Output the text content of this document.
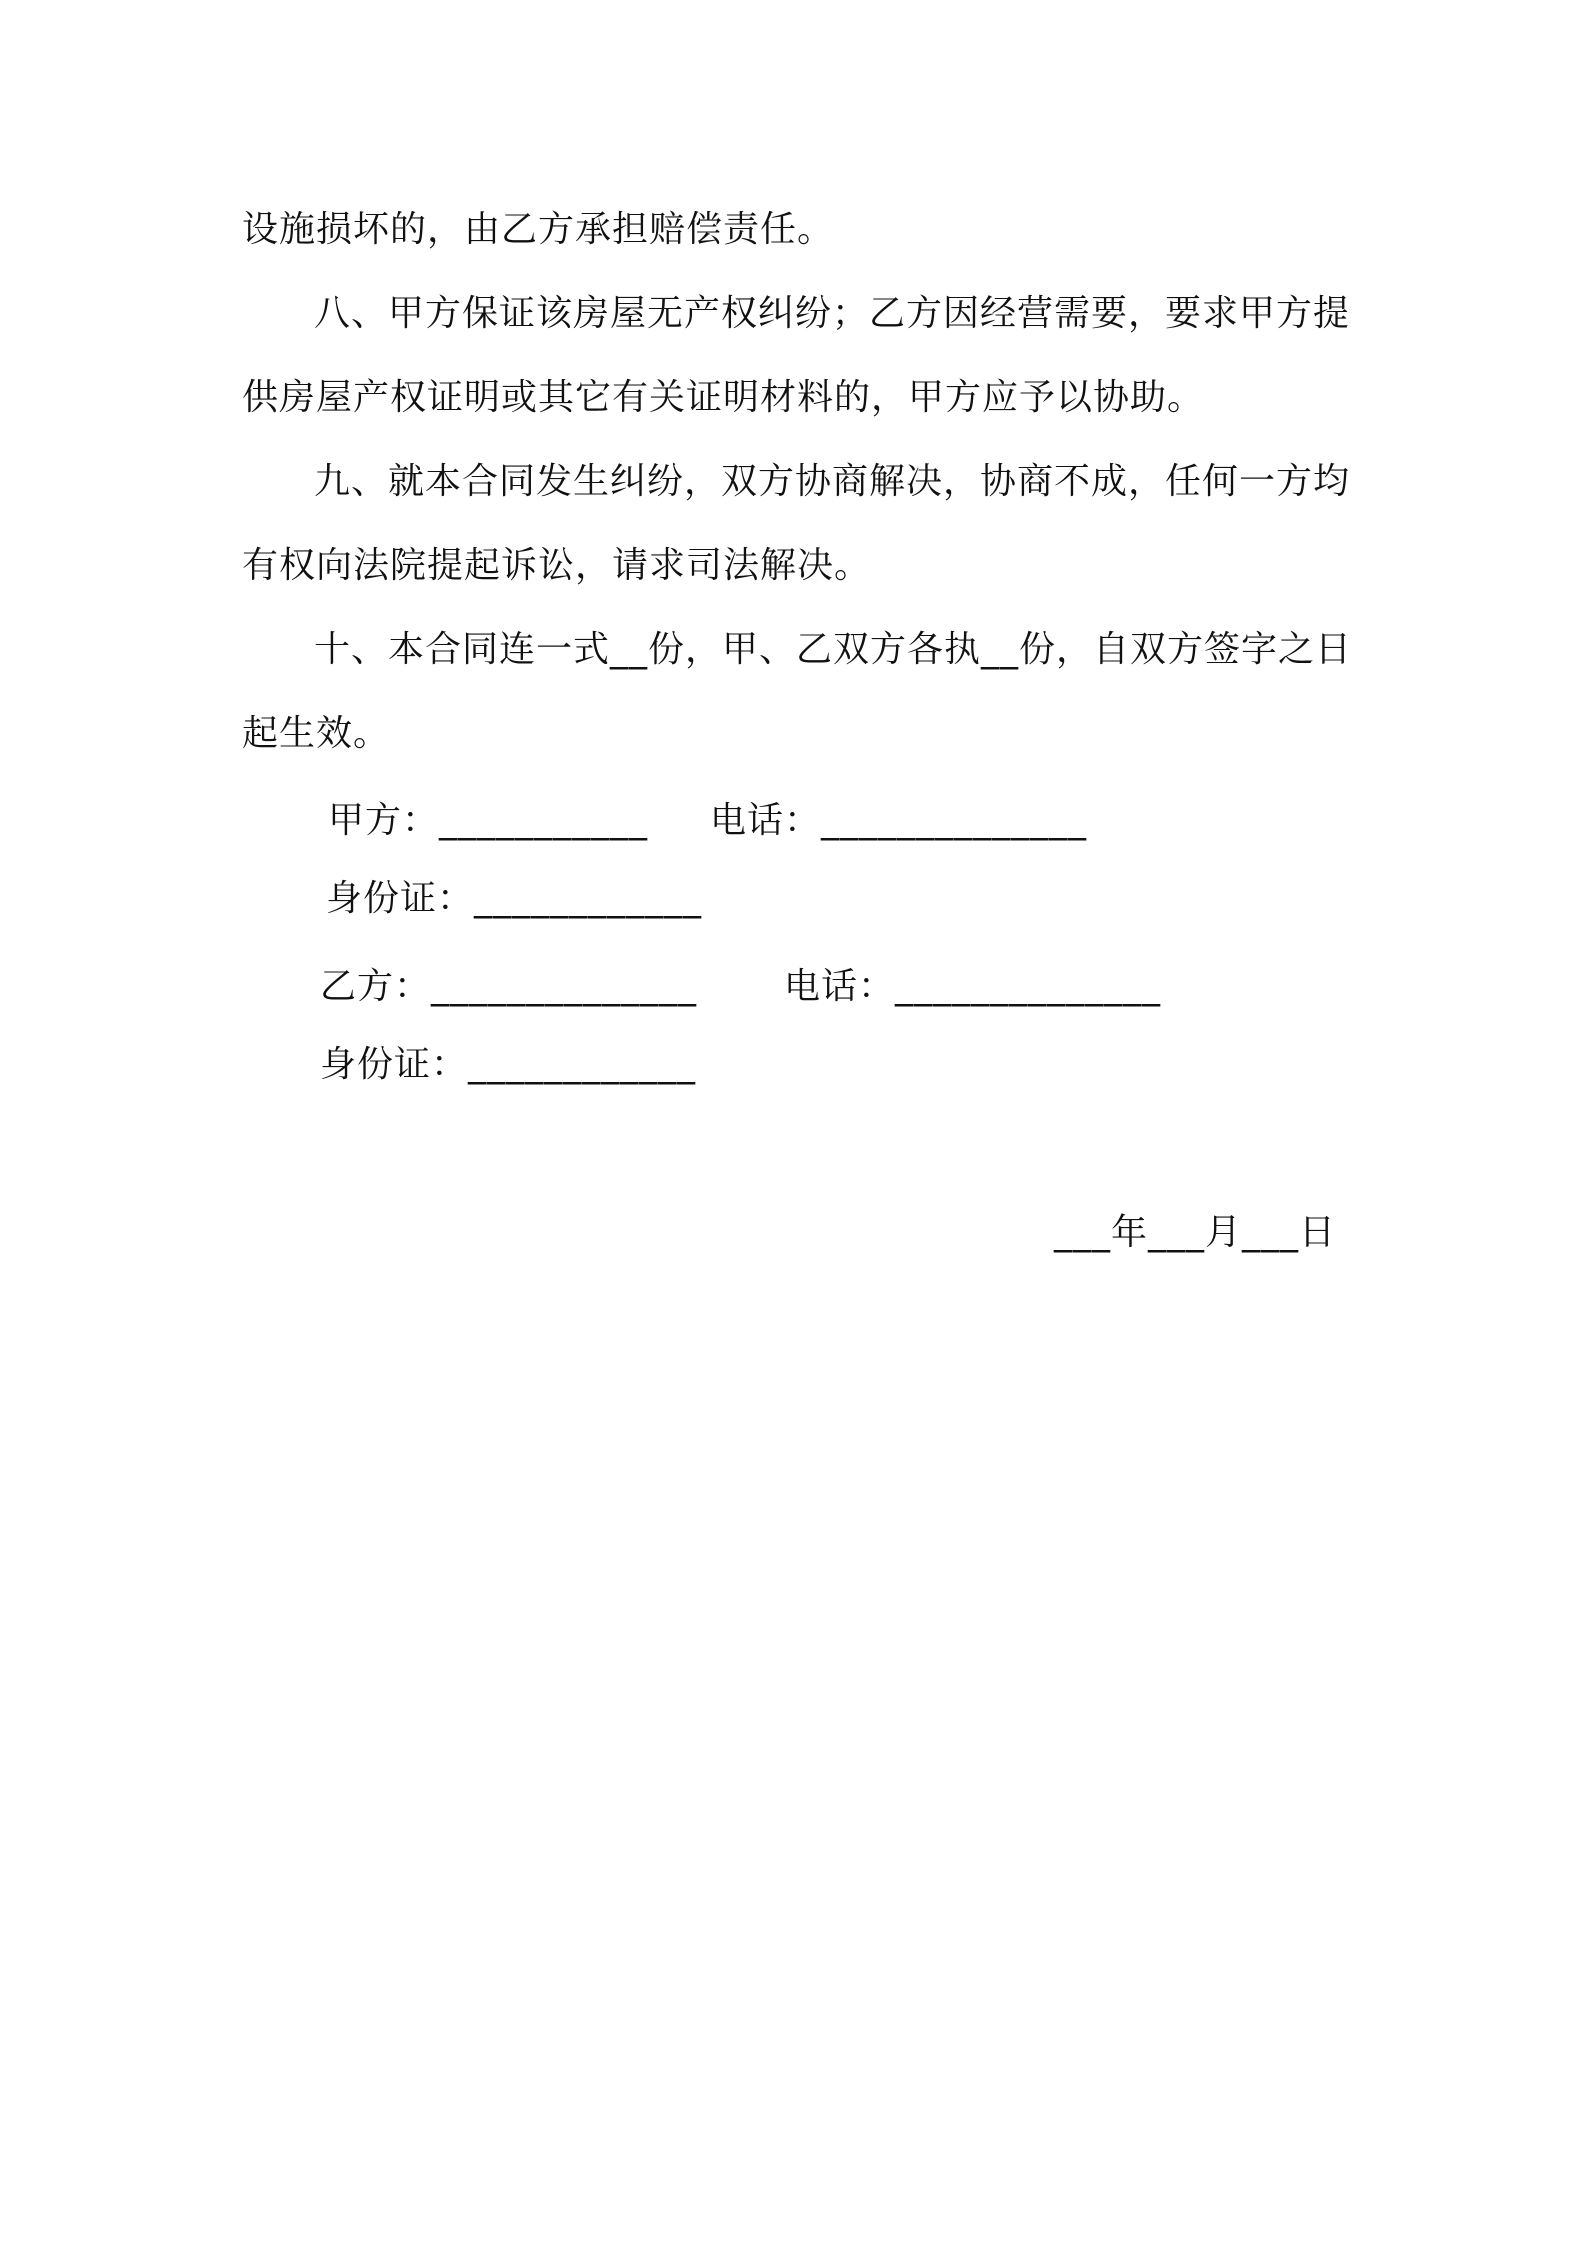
设施损坏的，由乙方承担赔偿责任。

八、甲方保证该房屋无产权纠纷；乙方因经营需要，要求甲方提供房屋产权证明或其它有关证明材料的，甲方应予以协助。

九、就本合同发生纠纷，双方协商解决，协商不成，任何一方均有权向法院提起诉讼，请求司法解决。

十、本合同连一式__份，甲、乙双方各执__份，自双方签字之日起生效。

甲方：___________ 电话：______________
身份证：____________
乙方：______________ 电话：______________
身份证：____________
___年___月___日
